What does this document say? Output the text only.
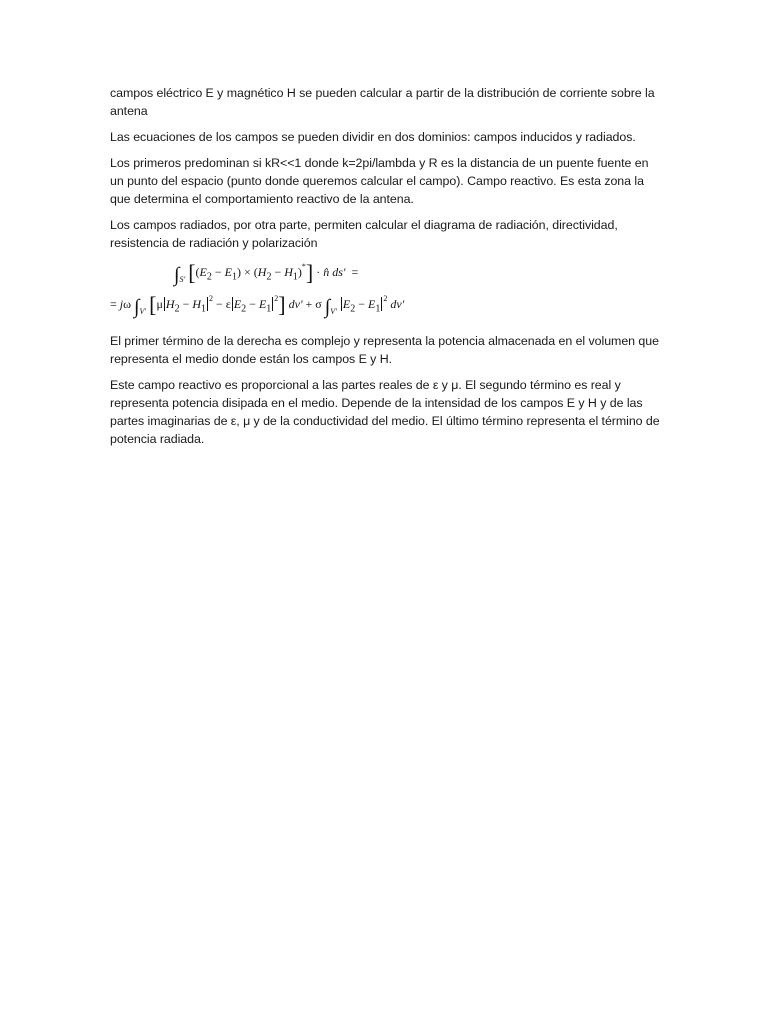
campos eléctrico E y magnético H se pueden calcular a partir de la distribución de corriente sobre la antena

Las ecuaciones de los campos se pueden dividir en dos dominios: campos inducidos y radiados.

Los primeros predominan si kR<<1 donde k=2pi/lambda y R es la distancia de un puente fuente en un punto del espacio (punto donde queremos calcular el campo). Campo reactivo. Es esta zona la que determina el comportamiento reactivo de la antena.

Los campos radiados, por otra parte, permiten calcular el diagrama de radiación, directividad, resistencia de radiación y polarización

$\int_{S'}$ $[(E_2 - E_1) \times (H_2 - H_1)^*]$ · n̂ ds'  =
= jω $\int_{V'}$ [μ $H_2 - H_1^2 - \varepsilon$ $E_2 - E_1^2$] dv' + σ $\int_{V'}$ $E_2 - E_1^2$ dv'

El primer término de la derecha es complejo y representa la potencia almacenada en el volumen que representa el medio donde están los campos E y H.

Este campo reactivo es proporcional a las partes reales de ε y μ. El segundo término es real y representa potencia disipada en el medio. Depende de la intensidad de los campos E y H y de las partes imaginarias de ε, μ y de la conductividad del medio. El último término representa el término de potencia radiada.
